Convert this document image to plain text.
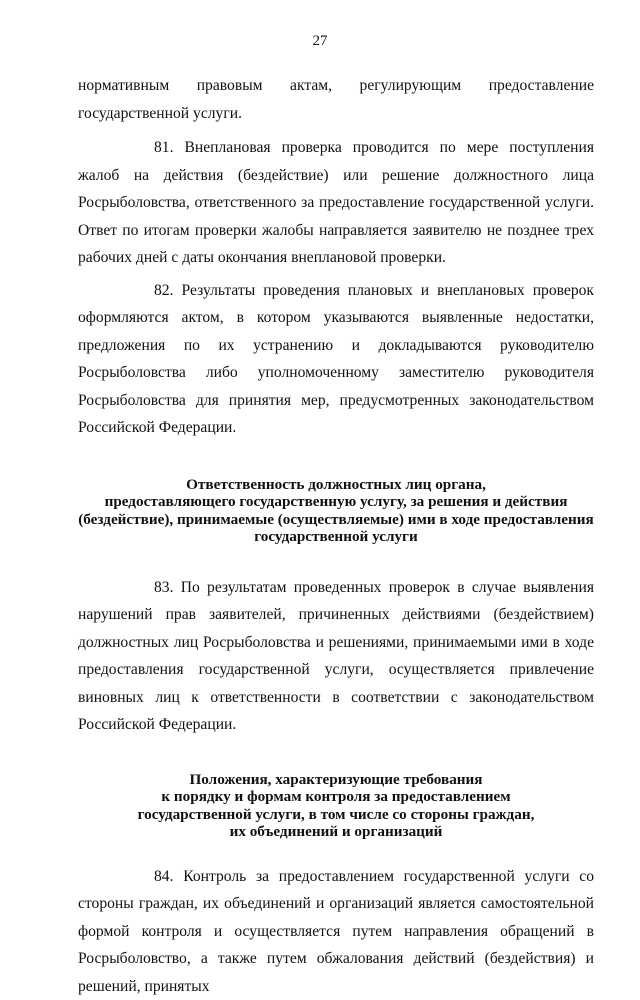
27

нормативным правовым актам, регулирующим предоставление государственной услуги.

81. Внеплановая проверка проводится по мере поступления жалоб на действия (бездействие) или решение должностного лица Росрыболовства, ответственного за предоставление государственной услуги. Ответ по итогам проверки жалобы направляется заявителю не позднее трех рабочих дней с даты окончания внеплановой проверки.

82. Результаты проведения плановых и внеплановых проверок оформляются актом, в котором указываются выявленные недостатки, предложения по их устранению и докладываются руководителю Росрыболовства либо уполномоченному заместителю руководителя Росрыболовства для принятия мер, предусмотренных законодательством Российской Федерации.

Ответственность должностных лиц органа,
предоставляющего государственную услугу, за решения и действия
(бездействие), принимаемые (осуществляемые) ими в ходе предоставления
государственной услуги

83. По результатам проведенных проверок в случае выявления нарушений прав заявителей, причиненных действиями (бездействием) должностных лиц Росрыболовства и решениями, принимаемыми ими в ходе предоставления государственной услуги, осуществляется привлечение виновных лиц к ответственности в соответствии с законодательством Российской Федерации.

Положения, характеризующие требования
к порядку и формам контроля за предоставлением
государственной услуги, в том числе со стороны граждан,
их объединений и организаций

84. Контроль за предоставлением государственной услуги со стороны граждан, их объединений и организаций является самостоятельной формой контроля и осуществляется путем направления обращений в Росрыболовство, а также путем обжалования действий (бездействия) и решений, принятых
